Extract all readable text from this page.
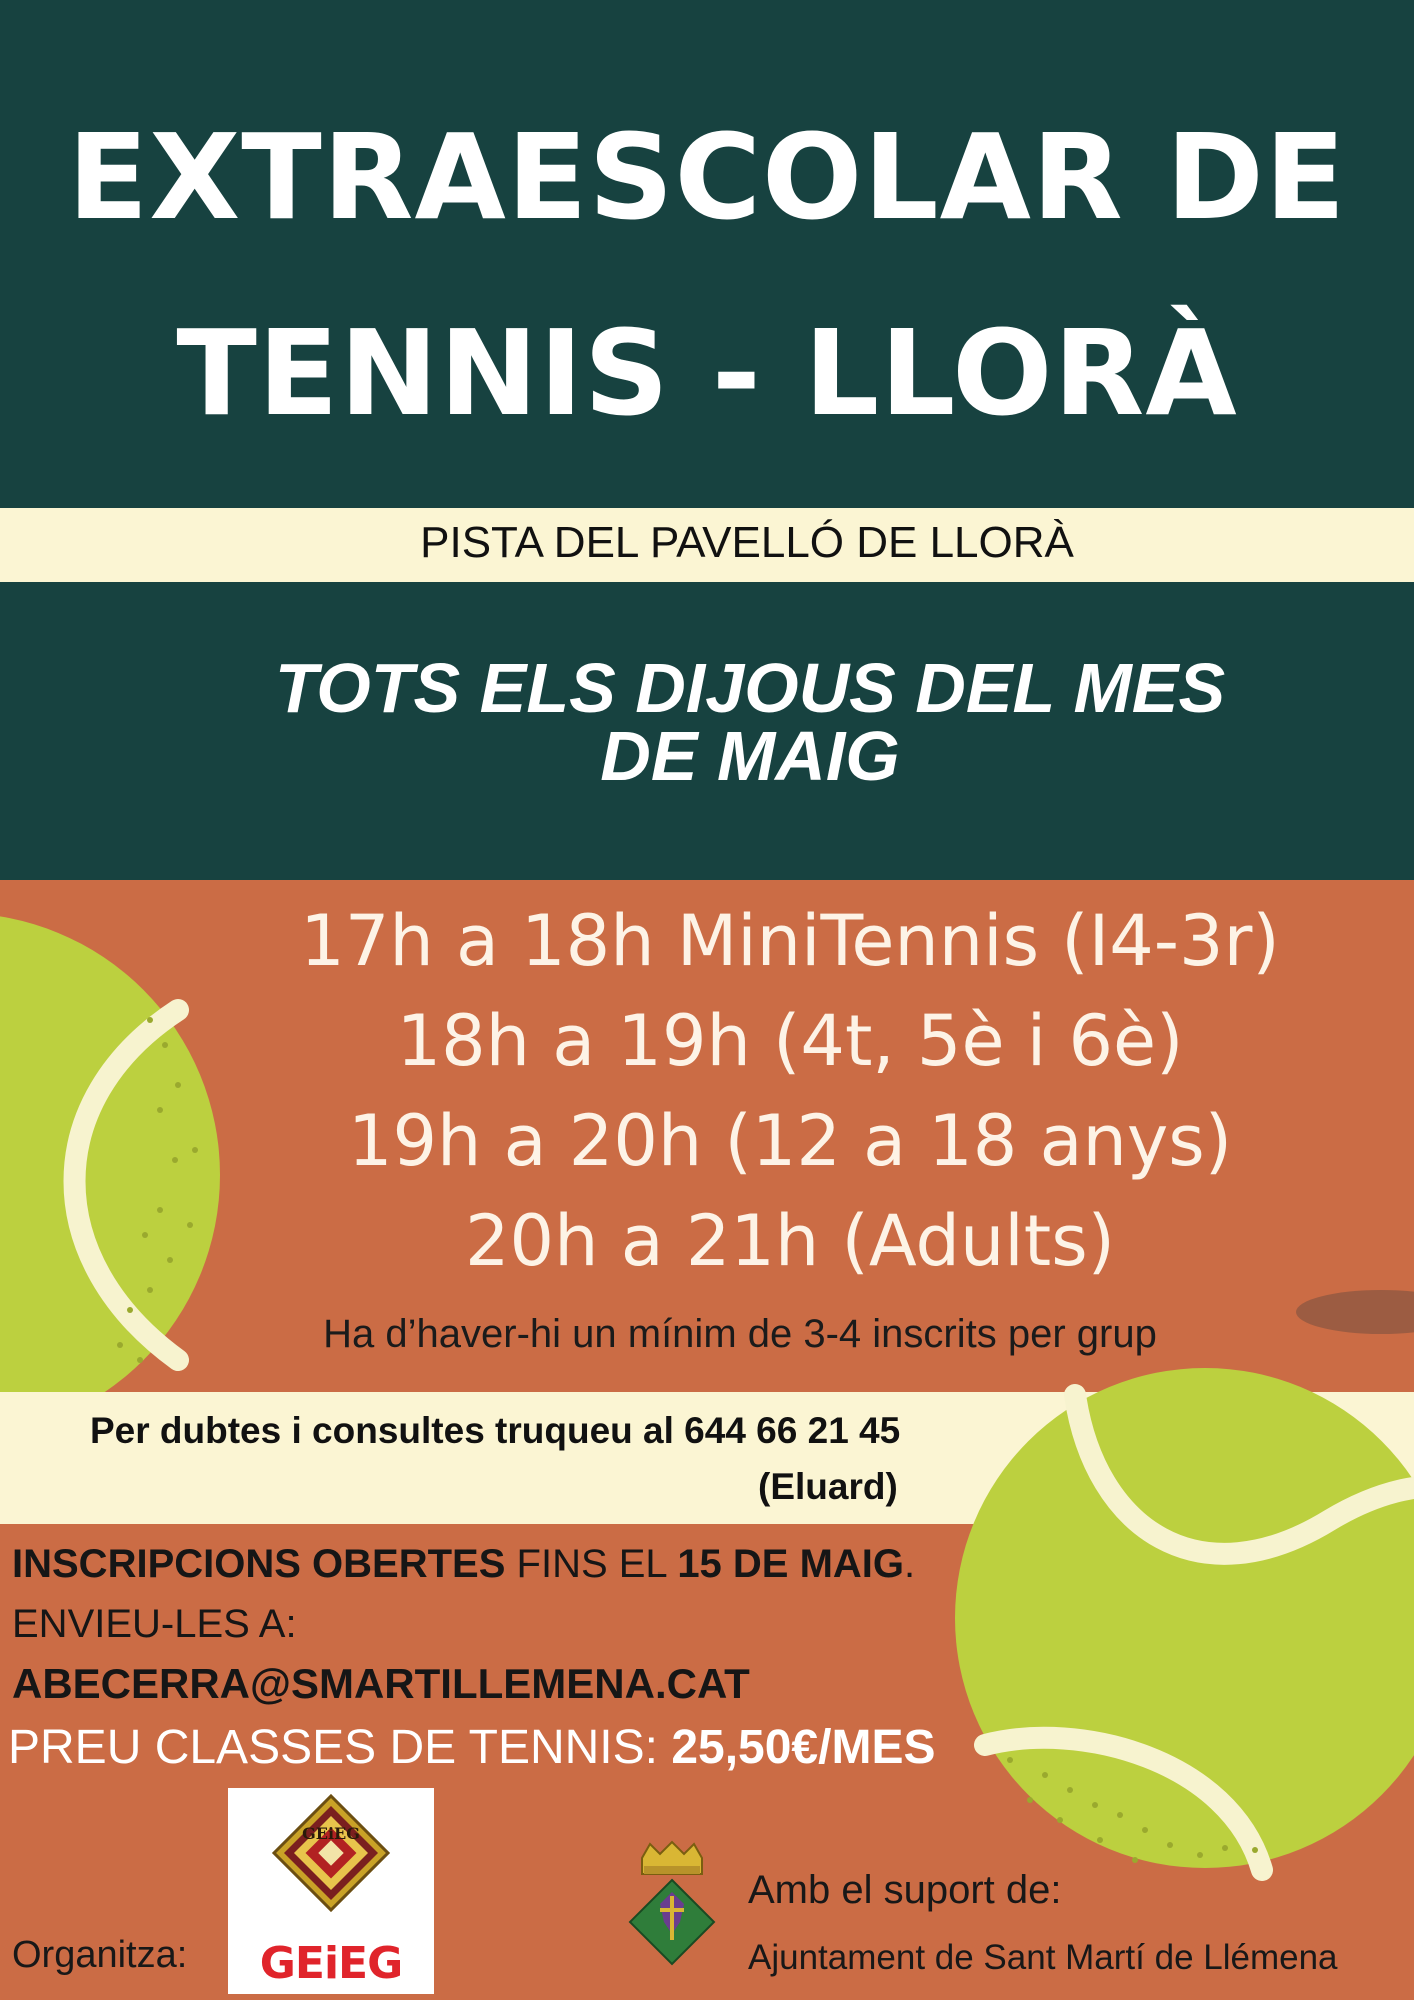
EXTRAESCOLAR DE
TENNIS - LLORÀ
PISTA DEL PAVELLÓ DE LLORÀ
TOTS ELS DIJOUS DEL MES
DE MAIG
17h a 18h MiniTennis (I4-3r)
18h a 19h (4t, 5è i 6è)
19h a 20h (12 a 18 anys)
20h a 21h (Adults)
Ha d’haver-hi un mínim de 3-4 inscrits per grup
Per dubtes i consultes truqueu al 644 66 21 45
(Eluard)
INSCRIPCIONS OBERTES FINS EL 15 DE MAIG.
ENVIEU-LES A:
ABECERRA@SMARTILLEMENA.CAT
PREU CLASSES DE TENNIS: 25,50€/MES
Organitza:
GEiEG
GEiEG
Amb el suport de:
Ajuntament de Sant Martí de Llémena
